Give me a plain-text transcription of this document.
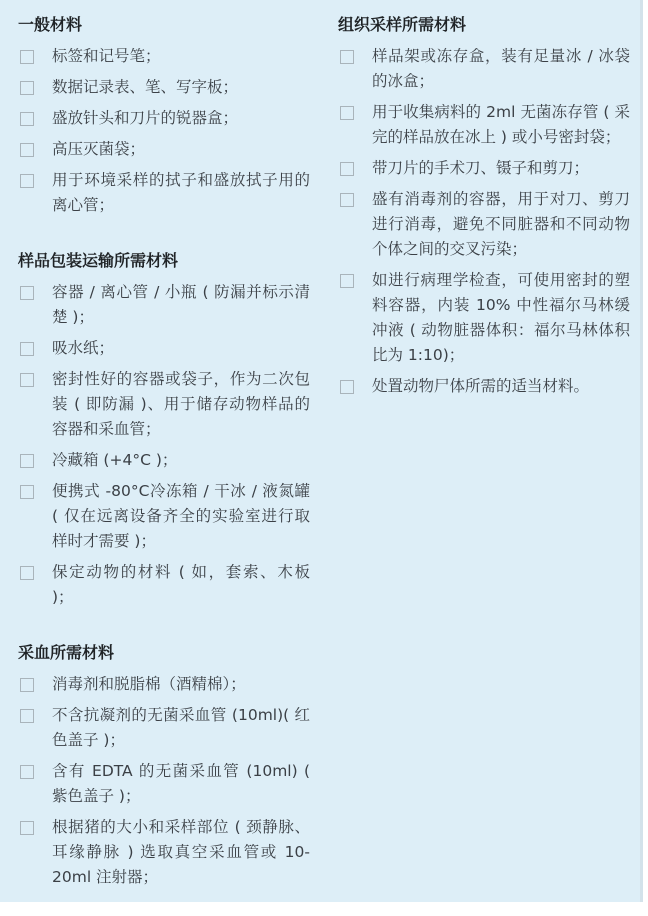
一般材料
标签和记号笔；
数据记录表、笔、写字板；
盛放针头和刀片的锐器盒；
高压灭菌袋；
用于环境采样的拭子和盛放拭子用的离心管；
样品包装运输所需材料
容器 / 离心管 / 小瓶 ( 防漏并标示清楚 )；
吸水纸；
密封性好的容器或袋子，作为二次包装 ( 即防漏 )、用于储存动物样品的容器和采血管；
冷藏箱 (+4°C )；
便携式 -80°C冷冻箱 / 干冰 / 液氮罐 ( 仅在远离设备齐全的实验室进行取样时才需要 )；
保定动物的材料 ( 如，套索、木板 )；
采血所需材料
消毒剂和脱脂棉（酒精棉）；
不含抗凝剂的无菌采血管 (10ml)( 红色盖子 )；
含有 EDTA 的无菌采血管 (10ml) ( 紫色盖子 )；
根据猪的大小和采样部位 ( 颈静脉、耳缘静脉 ) 选取真空采血管或 10-20ml 注射器；
组织采样所需材料
样品架或冻存盒，装有足量冰 / 冰袋的冰盒；
用于收集病料的 2ml 无菌冻存管 ( 采完的样品放在冰上 ) 或小号密封袋；
带刀片的手术刀、镊子和剪刀；
盛有消毒剂的容器，用于对刀、剪刀进行消毒，避免不同脏器和不同动物个体之间的交叉污染；
如进行病理学检查，可使用密封的塑料容器，内装 10% 中性福尔马林缓冲液 ( 动物脏器体积：福尔马林体积比为 1:10)；
处置动物尸体所需的适当材料。
